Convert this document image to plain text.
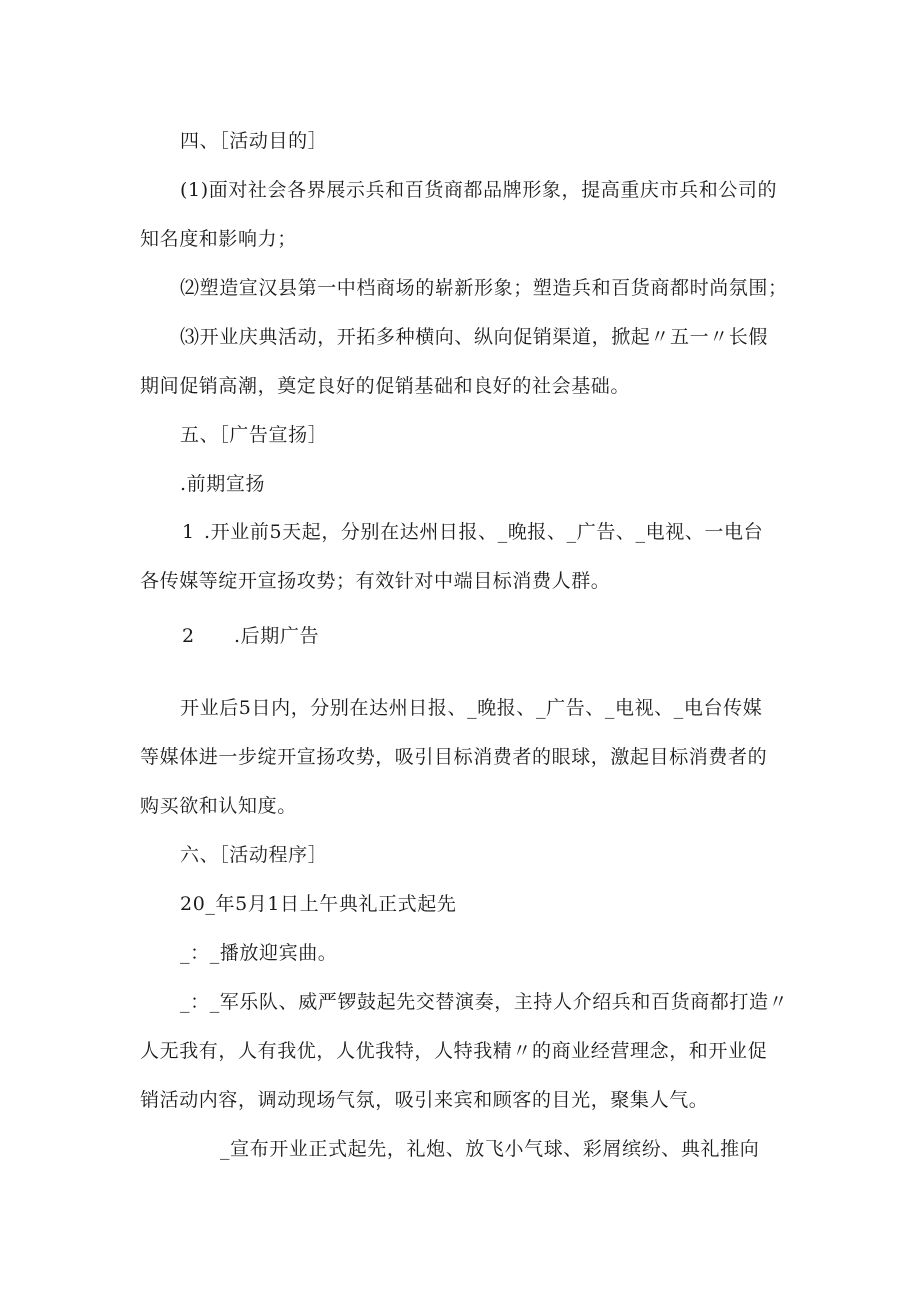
四、［活动目的］
(1)面对社会各界展示兵和百货商都品牌形象，提高重庆市兵和公司的
知名度和影响力；
⑵塑造宣汉县第一中档商场的崭新形象；塑造兵和百货商都时尚氛围；
⑶开业庆典活动，开拓多种横向、纵向促销渠道，掀起〃五一〃长假
期间促销高潮，奠定良好的促销基础和良好的社会基础。
五、［广告宣扬］
.前期宣扬
1 .开业前5天起，分别在达州日报、_晚报、_广告、_电视、一电台
各传媒等绽开宣扬攻势；有效针对中端目标消费人群。
2 .后期广告
开业后5日内，分别在达州日报、_晚报、_广告、_电视、_电台传媒
等媒体进一步绽开宣扬攻势，吸引目标消费者的眼球，激起目标消费者的
购买欲和认知度。
六、［活动程序］
20_年5月1日上午典礼正式起先
_：_播放迎宾曲。
_：_军乐队、威严锣鼓起先交替演奏，主持人介绍兵和百货商都打造〃
人无我有，人有我优，人优我特，人特我精〃的商业经营理念，和开业促
销活动内容，调动现场气氛，吸引来宾和顾客的目光，聚集人气。
_宣布开业正式起先，礼炮、放飞小气球、彩屑缤纷、典礼推向
